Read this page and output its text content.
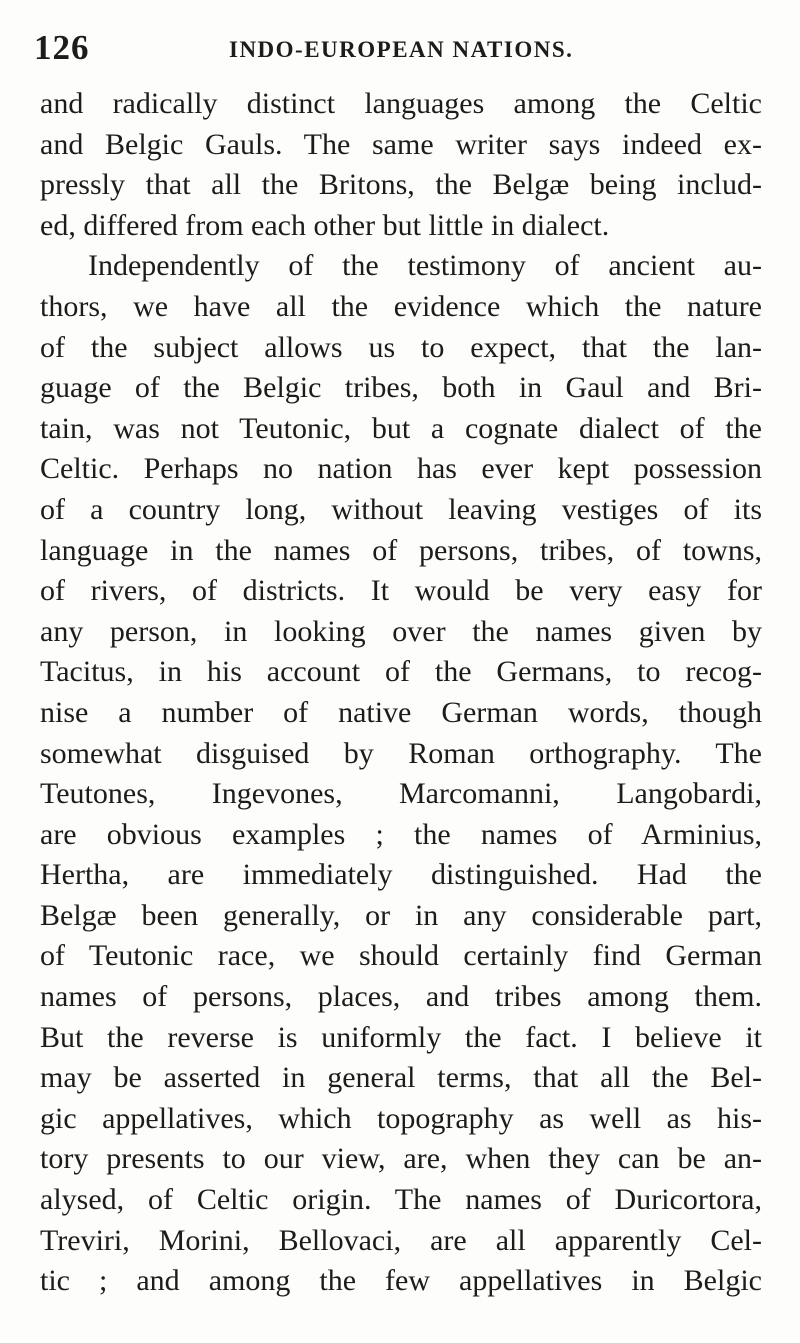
126	INDO-EUROPEAN NATIONS.
and radically distinct languages among the Celtic
and Belgic Gauls. The same writer says indeed ex-
pressly that all the Britons, the Belgæ being includ-
ed, differed from each other but little in dialect.
Independently of the testimony of ancient au-
thors, we have all the evidence which the nature
of the subject allows us to expect, that the lan-
guage of the Belgic tribes, both in Gaul and Bri-
tain, was not Teutonic, but a cognate dialect of the
Celtic. Perhaps no nation has ever kept possession
of a country long, without leaving vestiges of its
language in the names of persons, tribes, of towns,
of rivers, of districts. It would be very easy for
any person, in looking over the names given by
Tacitus, in his account of the Germans, to recog-
nise a number of native German words, though
somewhat disguised by Roman orthography. The
Teutones, Ingevones, Marcomanni, Langobardi,
are obvious examples ; the names of Arminius,
Hertha, are immediately distinguished. Had the
Belgæ been generally, or in any considerable part,
of Teutonic race, we should certainly find German
names of persons, places, and tribes among them.
But the reverse is uniformly the fact. I believe it
may be asserted in general terms, that all the Bel-
gic appellatives, which topography as well as his-
tory presents to our view, are, when they can be an-
alysed, of Celtic origin. The names of Duricortora,
Treviri, Morini, Bellovaci, are all apparently Cel-
tic ; and among the few appellatives in Belgic
